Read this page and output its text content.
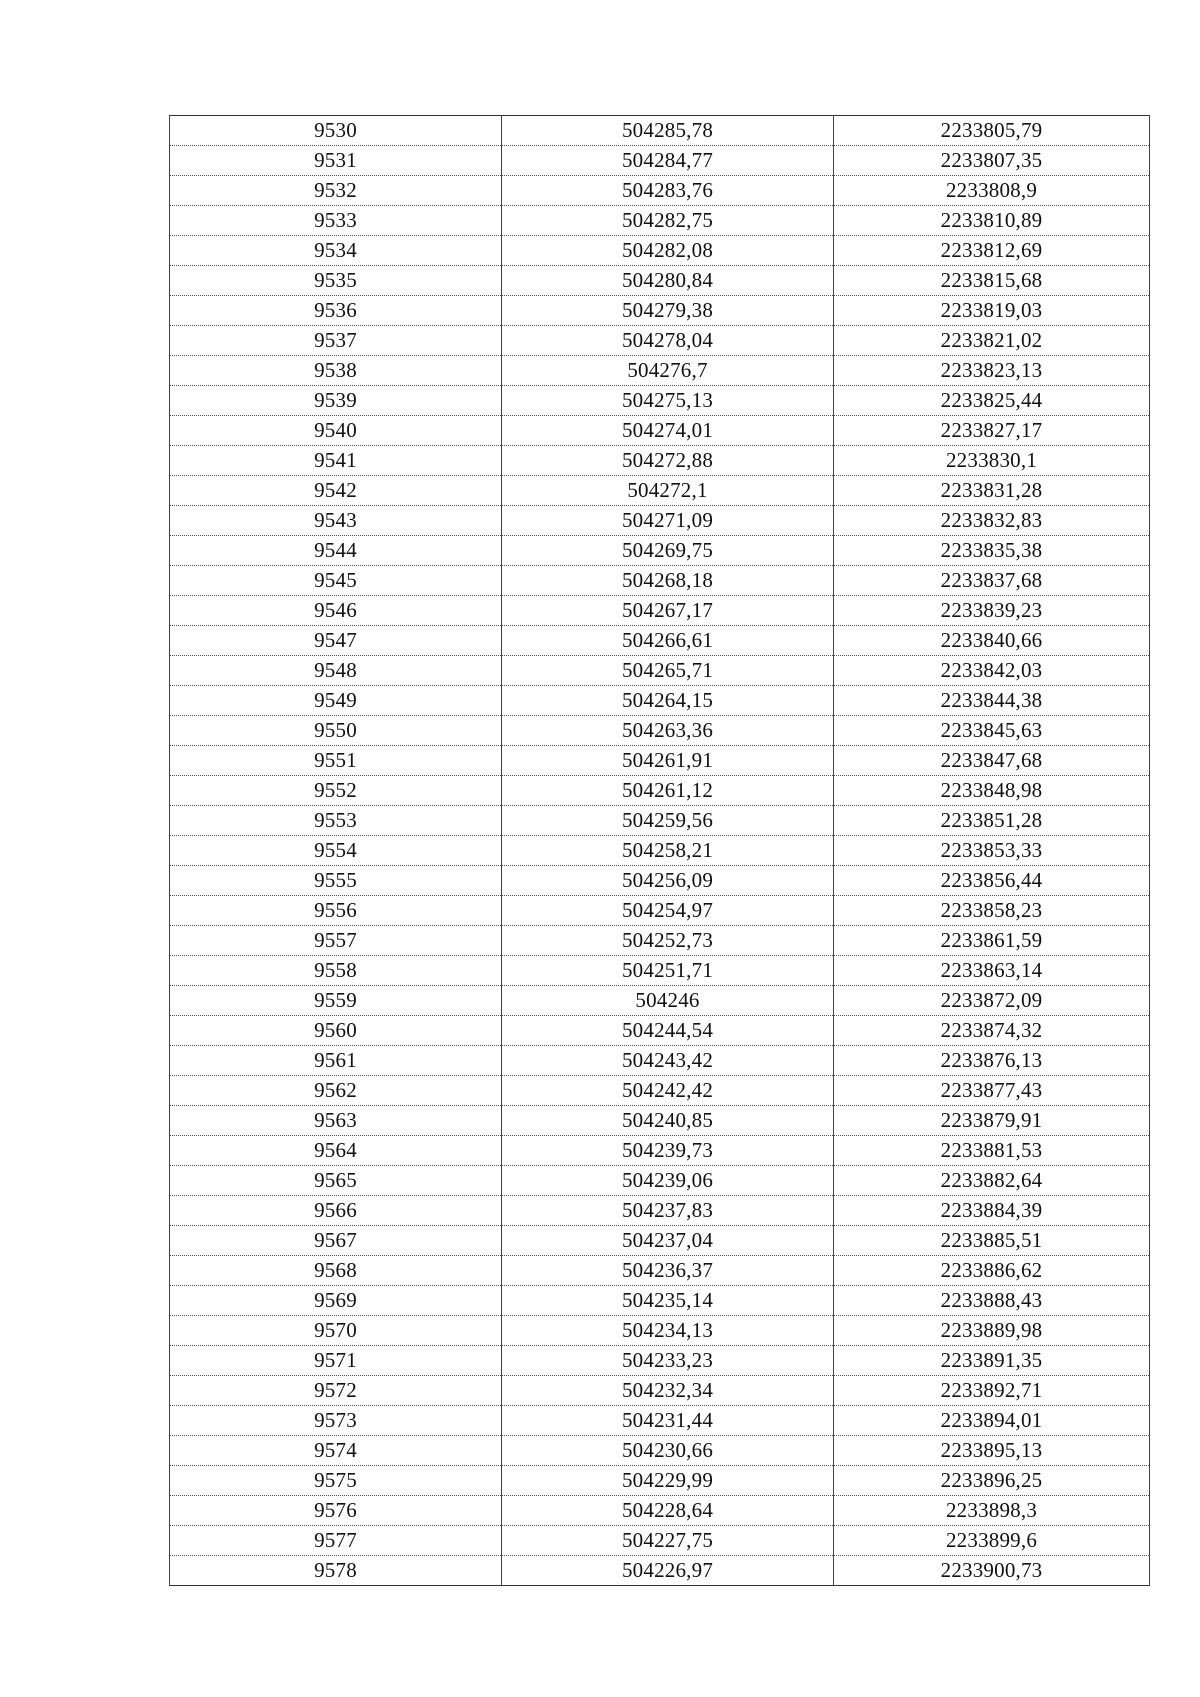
9530	504285,78	2233805,79
9531	504284,77	2233807,35
9532	504283,76	2233808,9
9533	504282,75	2233810,89
9534	504282,08	2233812,69
9535	504280,84	2233815,68
9536	504279,38	2233819,03
9537	504278,04	2233821,02
9538	504276,7	2233823,13
9539	504275,13	2233825,44
9540	504274,01	2233827,17
9541	504272,88	2233830,1
9542	504272,1	2233831,28
9543	504271,09	2233832,83
9544	504269,75	2233835,38
9545	504268,18	2233837,68
9546	504267,17	2233839,23
9547	504266,61	2233840,66
9548	504265,71	2233842,03
9549	504264,15	2233844,38
9550	504263,36	2233845,63
9551	504261,91	2233847,68
9552	504261,12	2233848,98
9553	504259,56	2233851,28
9554	504258,21	2233853,33
9555	504256,09	2233856,44
9556	504254,97	2233858,23
9557	504252,73	2233861,59
9558	504251,71	2233863,14
9559	504246	2233872,09
9560	504244,54	2233874,32
9561	504243,42	2233876,13
9562	504242,42	2233877,43
9563	504240,85	2233879,91
9564	504239,73	2233881,53
9565	504239,06	2233882,64
9566	504237,83	2233884,39
9567	504237,04	2233885,51
9568	504236,37	2233886,62
9569	504235,14	2233888,43
9570	504234,13	2233889,98
9571	504233,23	2233891,35
9572	504232,34	2233892,71
9573	504231,44	2233894,01
9574	504230,66	2233895,13
9575	504229,99	2233896,25
9576	504228,64	2233898,3
9577	504227,75	2233899,6
9578	504226,97	2233900,73
